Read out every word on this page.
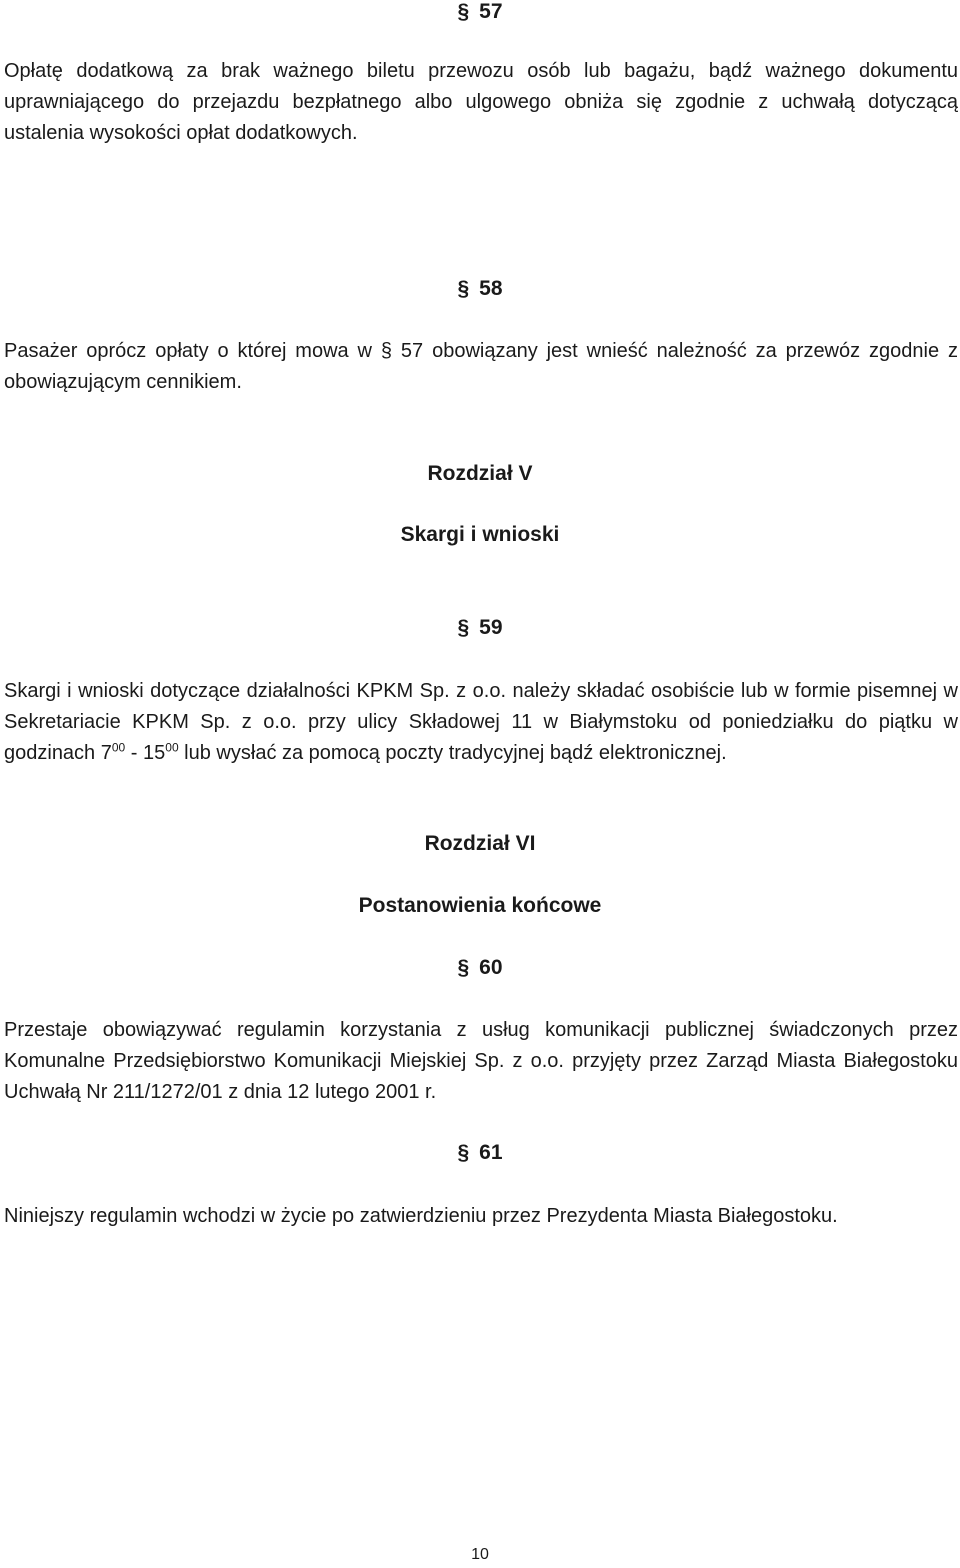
§ 57
Opłatę dodatkową za brak ważnego biletu przewozu osób lub bagażu, bądź ważnego dokumentu uprawniającego do przejazdu bezpłatnego albo ulgowego obniża się zgodnie z uchwałą dotyczącą ustalenia wysokości opłat dodatkowych.
§ 58
Pasażer oprócz opłaty o której mowa w § 57 obowiązany jest wnieść należność za przewóz zgodnie z obowiązującym cennikiem.
Rozdział V
Skargi i wnioski
§ 59
Skargi i wnioski dotyczące działalności KPKM Sp. z o.o. należy składać osobiście lub w formie pisemnej w Sekretariacie KPKM Sp. z o.o. przy ulicy Składowej 11 w Białymstoku od poniedziałku do piątku w godzinach $7^{00} - 15^{00}$ lub wysłać za pomocą poczty tradycyjnej bądź elektronicznej.
Rozdział VI
Postanowienia końcowe
§ 60
Przestaje obowiązywać regulamin korzystania z usług komunikacji publicznej świadczonych przez Komunalne Przedsiębiorstwo Komunikacji Miejskiej Sp. z o.o. przyjęty przez Zarząd Miasta Białegostoku Uchwałą Nr 211/1272/01 z dnia 12 lutego 2001 r.
§ 61
Niniejszy regulamin wchodzi w życie po zatwierdzieniu przez Prezydenta Miasta Białegostoku.
10
